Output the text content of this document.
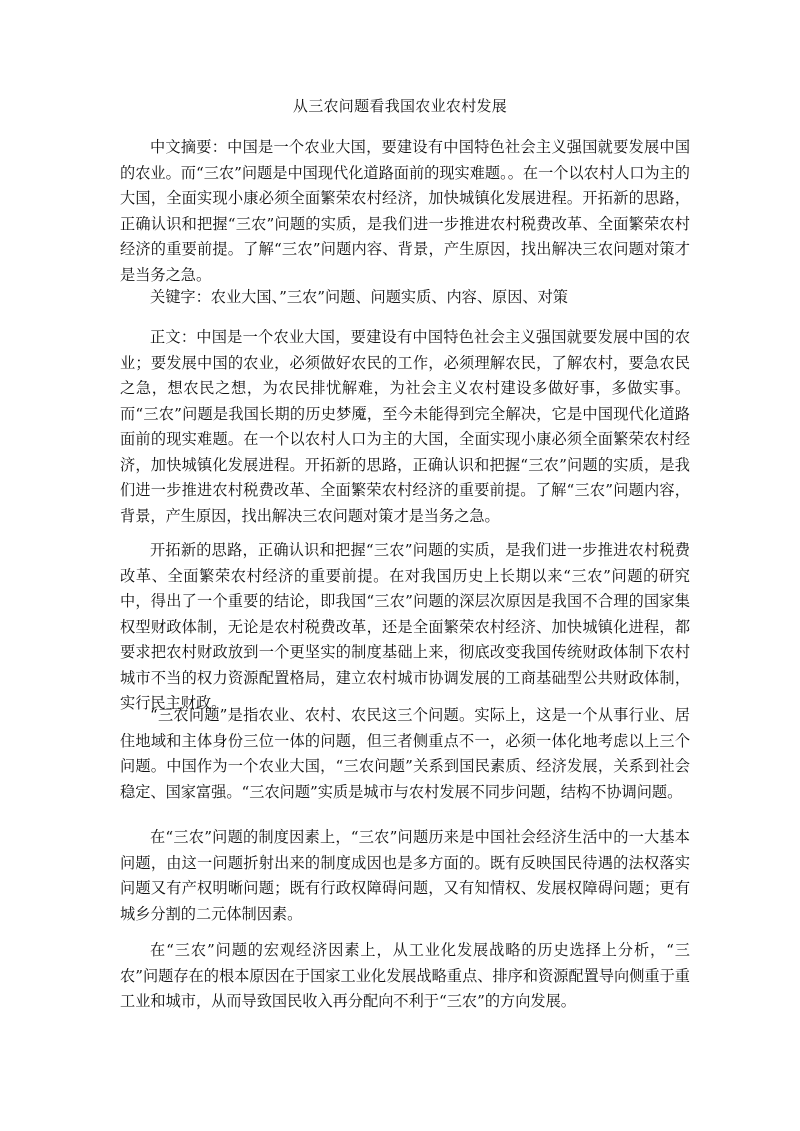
从三农问题看我国农业农村发展

中文摘要：中国是一个农业大国，要建设有中国特色社会主义强国就要发展中国的农业。而“三农”问题是中国现代化道路面前的现实难题。。在一个以农村人口为主的大国，全面实现小康必须全面繁荣农村经济，加快城镇化发展进程。开拓新的思路，正确认识和把握“三农”问题的实质，是我们进一步推进农村税费改革、全面繁荣农村经济的重要前提。了解“三农”问题内容、背景，产生原因，找出解决三农问题对策才是当务之急。

关键字：农业大国、”三农”问题、问题实质、内容、原因、对策

正文：中国是一个农业大国，要建设有中国特色社会主义强国就要发展中国的农业；要发展中国的农业，必须做好农民的工作，必须理解农民，了解农村，要急农民之急，想农民之想，为农民排忧解难，为社会主义农村建设多做好事，多做实事。而“三农”问题是我国长期的历史梦魇，至今未能得到完全解决，它是中国现代化道路面前的现实难题。在一个以农村人口为主的大国，全面实现小康必须全面繁荣农村经济，加快城镇化发展进程。开拓新的思路，正确认识和把握“三农”问题的实质，是我们进一步推进农村税费改革、全面繁荣农村经济的重要前提。了解“三农”问题内容，背景，产生原因，找出解决三农问题对策才是当务之急。

开拓新的思路，正确认识和把握“三农”问题的实质，是我们进一步推进农村税费改革、全面繁荣农村经济的重要前提。在对我国历史上长期以来“三农”问题的研究中，得出了一个重要的结论，即我国“三农”问题的深层次原因是我国不合理的国家集权型财政体制，无论是农村税费改革，还是全面繁荣农村经济、加快城镇化进程，都要求把农村财政放到一个更坚实的制度基础上来，彻底改变我国传统财政体制下农村城市不当的权力资源配置格局，建立农村城市协调发展的工商基础型公共财政体制，实行民主财政。

“三农问题”是指农业、农村、农民这三个问题。实际上，这是一个从事行业、居住地域和主体身份三位一体的问题，但三者侧重点不一，必须一体化地考虑以上三个问题。中国作为一个农业大国，“三农问题”关系到国民素质、经济发展，关系到社会稳定、国家富强。“三农问题”实质是城市与农村发展不同步问题，结构不协调问题。

在“三农”问题的制度因素上，“三农”问题历来是中国社会经济生活中的一大基本问题，由这一问题折射出来的制度成因也是多方面的。既有反映国民待遇的法权落实问题又有产权明晰问题；既有行政权障碍问题，又有知情权、发展权障碍问题；更有城乡分割的二元体制因素。

在“三农”问题的宏观经济因素上，从工业化发展战略的历史选择上分析，“三农”问题存在的根本原因在于国家工业化发展战略重点、排序和资源配置导向侧重于重工业和城市，从而导致国民收入再分配向不利于“三农”的方向发展。
